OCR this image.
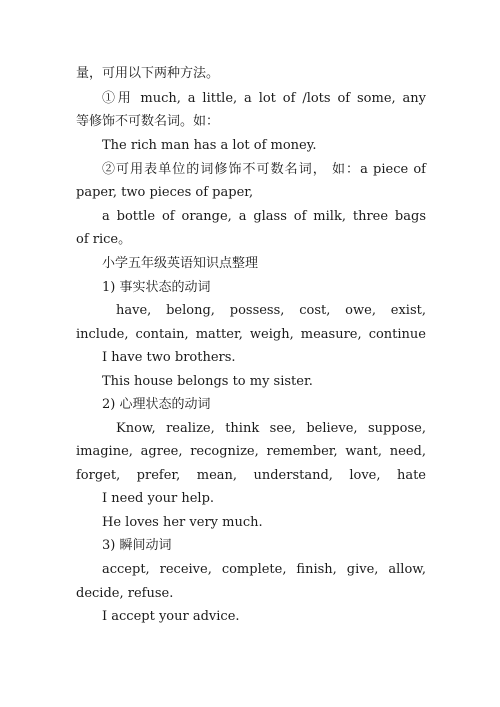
量，可用以下两种方法。
①用 much, a little, a lot of /lots of some, any
等修饰不可数名词。如：
The rich man has a lot of money.
②可用表单位的词修饰不可数名词， 如：a piece of
paper, two pieces of paper,
a bottle of orange, a glass of milk, three bags
of rice。
小学五年级英语知识点整理
1) 事实状态的动词
have, belong, possess, cost, owe, exist,
include, contain, matter, weigh, measure, continue
I have two brothers.
This house belongs to my sister.
2) 心理状态的动词
Know, realize, think see, believe, suppose,
imagine, agree, recognize, remember, want, need,
forget, prefer, mean, understand, love, hate
I need your help.
He loves her very much.
3) 瞬间动词
accept, receive, complete, finish, give, allow,
decide, refuse.
I accept your advice.
